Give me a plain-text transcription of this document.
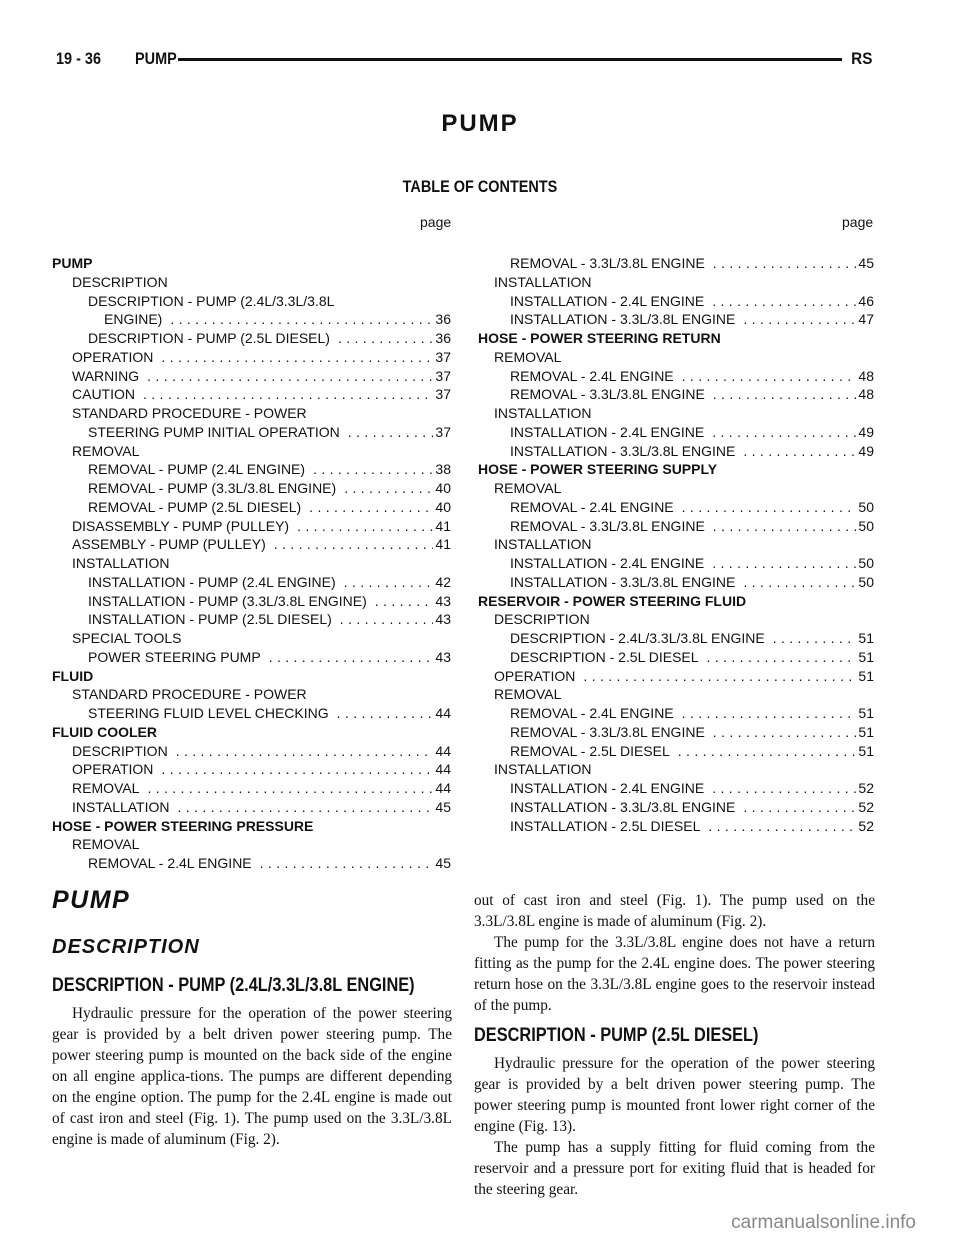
19 - 36 PUMP	RS
PUMP
TABLE OF CONTENTS
page	page
PUMP
DESCRIPTION
DESCRIPTION - PUMP (2.4L/3.3L/3.8L
ENGINE) . . .	36
DESCRIPTION - PUMP (2.5L DIESEL) . . .	36
OPERATION . . .	37
WARNING . . .	37
CAUTION . . .	37
STANDARD PROCEDURE - POWER
STEERING PUMP INITIAL OPERATION . . .	37
REMOVAL
REMOVAL - PUMP (2.4L ENGINE) . . .	38
REMOVAL - PUMP (3.3L/3.8L ENGINE) . . .	40
REMOVAL - PUMP (2.5L DIESEL) . . .	40
DISASSEMBLY - PUMP (PULLEY) . . .	41
ASSEMBLY - PUMP (PULLEY) . . .	41
INSTALLATION
INSTALLATION - PUMP (2.4L ENGINE) . . .	42
INSTALLATION - PUMP (3.3L/3.8L ENGINE) . . .	43
INSTALLATION - PUMP (2.5L DIESEL) . . .	43
SPECIAL TOOLS
POWER STEERING PUMP . . .	43
FLUID
STANDARD PROCEDURE - POWER
STEERING FLUID LEVEL CHECKING . . .	44
FLUID COOLER
DESCRIPTION . . .	44
OPERATION . . .	44
REMOVAL . . .	44
INSTALLATION . . .	45
HOSE - POWER STEERING PRESSURE
REMOVAL
REMOVAL - 2.4L ENGINE . . .	45
REMOVAL - 3.3L/3.8L ENGINE . . .	45
INSTALLATION
INSTALLATION - 2.4L ENGINE . . .	46
INSTALLATION - 3.3L/3.8L ENGINE . . .	47
HOSE - POWER STEERING RETURN
REMOVAL
REMOVAL - 2.4L ENGINE . . .	48
REMOVAL - 3.3L/3.8L ENGINE . . .	48
INSTALLATION
INSTALLATION - 2.4L ENGINE . . .	49
INSTALLATION - 3.3L/3.8L ENGINE . . .	49
HOSE - POWER STEERING SUPPLY
REMOVAL
REMOVAL - 2.4L ENGINE . . .	50
REMOVAL - 3.3L/3.8L ENGINE . . .	50
INSTALLATION
INSTALLATION - 2.4L ENGINE . . .	50
INSTALLATION - 3.3L/3.8L ENGINE . . .	50
RESERVOIR - POWER STEERING FLUID
DESCRIPTION
DESCRIPTION - 2.4L/3.3L/3.8L ENGINE . . .	51
DESCRIPTION - 2.5L DIESEL . . .	51
OPERATION . . .	51
REMOVAL
REMOVAL - 2.4L ENGINE . . .	51
REMOVAL - 3.3L/3.8L ENGINE . . .	51
REMOVAL - 2.5L DIESEL . . .	51
INSTALLATION
INSTALLATION - 2.4L ENGINE . . .	52
INSTALLATION - 3.3L/3.8L ENGINE . . .	52
INSTALLATION - 2.5L DIESEL . . .	52
PUMP
DESCRIPTION
DESCRIPTION - PUMP (2.4L/3.3L/3.8L ENGINE)

Hydraulic pressure for the operation of the power steering gear is provided by a belt driven power steering pump. The power steering pump is mounted on the back side of the engine on all engine applica-tions. The pumps are different depending on the engine option. The pump for the 2.4L engine is made out of cast iron and steel (Fig. 1). The pump used on the 3.3L/3.8L engine is made of aluminum (Fig. 2).

out of cast iron and steel (Fig. 1). The pump used on the 3.3L/3.8L engine is made of aluminum (Fig. 2).

The pump for the 3.3L/3.8L engine does not have a return fitting as the pump for the 2.4L engine does. The power steering return hose on the 3.3L/3.8L engine goes to the reservoir instead of the pump.

DESCRIPTION - PUMP (2.5L DIESEL)

Hydraulic pressure for the operation of the power steering gear is provided by a belt driven power steering pump. The power steering pump is mounted front lower right corner of the engine (Fig. 13).

The pump has a supply fitting for fluid coming from the reservoir and a pressure port for exiting fluid that is headed for the steering gear.

carmanualsonline.info
